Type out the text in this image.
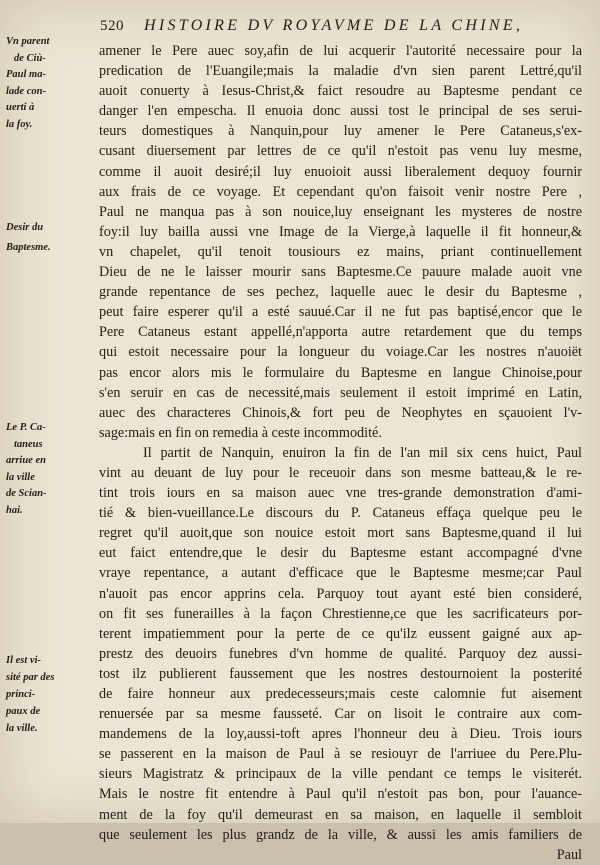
520 HISTOIRE DV ROYAVME DE LA CHINE,
Vn parent
de Ciù-
Paul ma-
lade con-
uerti à
la foy.
Desir du
Baptesme.
Le P. Ca-
taneus
arriue en
la ville
de Scian-
hai.
Il est vi-
sité par des
princi-
paux de
la ville.
amener le Pere auec soy,afin de lui acquerir l'autorité necessaire pour la
predication de l'Euangile;mais la maladie d'vn sien parent Lettré,qu'il
auoit conuerty à Iesus-Christ,& faict resoudre au Baptesme pendant ce
danger l'en empescha. Il enuoia donc aussi tost le principal de ses serui-
teurs domestiques à Nanquin,pour luy amener le Pere Cataneus,s'ex-
cusant diuersement par lettres de ce qu'il n'estoit pas venu luy mesme,
comme il auoit desiré;il luy enuoioit aussi liberalement dequoy fournir
aux frais de ce voyage. Et cependant qu'on faisoit venir nostre Pere ,
Paul ne manqua pas à son nouice,luy enseignant les mysteres de nostre
foy:il luy bailla aussi vne Image de la Vierge,à laquelle il fit honneur,&
vn chapelet, qu'il tenoit tousiours ez mains, priant continuellement
Dieu de ne le laisser mourir sans Baptesme.Ce pauure malade auoit vne
grande repentance de ses pechez, laquelle auec le desir du Baptesme ,
peut faire esperer qu'il a esté sauué.Car il ne fut pas baptisé,encor que le
Pere Cataneus estant appellé,n'apporta autre retardement que du temps
qui estoit necessaire pour la longueur du voiage.Car les nostres n'auoiët
pas encor alors mis le formulaire du Baptesme en langue Chinoise,pour
s'en seruir en cas de necessité,mais seulement il estoit imprimé en Latin,
auec des characteres Chinois,& fort peu de Neophytes en sçauoient l'v-
sage:mais en fin on remedia à ceste incommodité.
Il partit de Nanquin, enuiron la fin de l'an mil six cens huict, Paul
vint au deuant de luy pour le receuoir dans son mesme batteau,& le re-
tint trois iours en sa maison auec vne tres-grande demonstration d'ami-
tié & bien-vueillance.Le discours du P. Cataneus effaça quelque peu le
regret qu'il auoit,que son nouice estoit mort sans Baptesme,quand il lui
eut faict entendre,que le desir du Baptesme estant accompagné d'vne
vraye repentance, a autant d'efficace que le Baptesme mesme;car Paul
n'auoit pas encor apprins cela. Parquoy tout ayant esté bien consideré,
on fit ses funerailles à la façon Chrestienne,ce que les sacrificateurs por-
terent impatiemment pour la perte de ce qu'ilz eussent gaigné aux ap-
prestz des deuoirs funebres d'vn homme de qualité. Parquoy dez aussi-
tost ilz publierent faussement que les nostres destournoient la posterité
de faire honneur aux predecesseurs;mais ceste calomnie fut aisement
renuersée par sa mesme fausseté. Car on lisoit le contraire aux com-
mandemens de la loy,aussi-toft apres l'honneur deu à Dieu. Trois iours
se passerent en la maison de Paul à se resiouyr de l'arriuee du Pere.Plu-
sieurs Magistratz & principaux de la ville pendant ce temps le visiterét.
Mais le nostre fit entendre à Paul qu'il n'estoit pas bon, pour l'auance-
ment de la foy qu'il demeurast en sa maison, en laquelle il sembloit
que seulement les plus grandz de la ville, & aussi les amis familiers de
Paul
